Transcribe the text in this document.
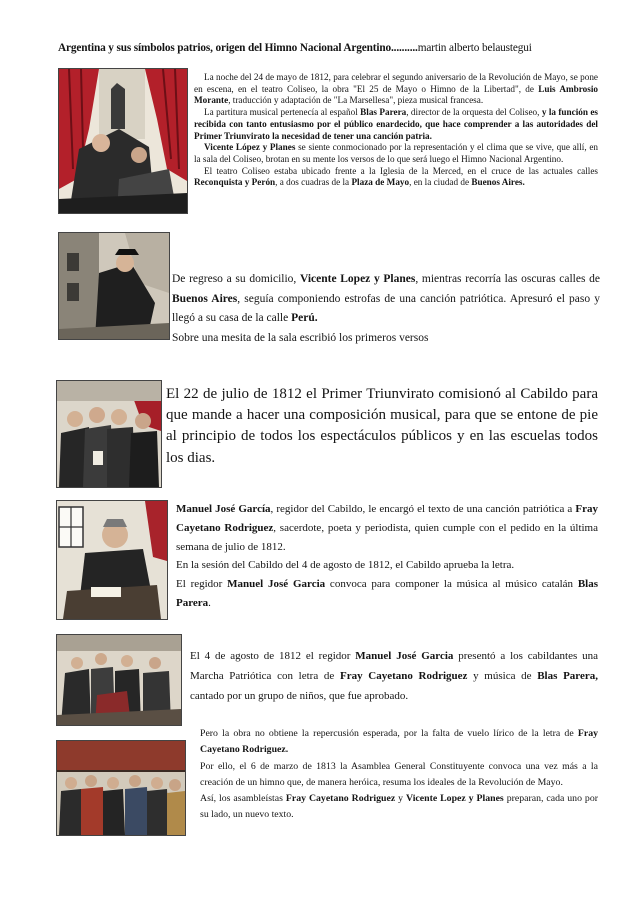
Argentina y sus símbolos patrios, origen del Himno Nacional Argentino..........martin alberto belaustegui

La noche del 24 de mayo de 1812, para celebrar el segundo aniversario de la Revolución de Mayo, se pone en escena, en el teatro Coliseo, la obra "El 25 de Mayo o Himno de la Libertad", de Luis Ambrosio Morante, traducción y adaptación de "La Marsellesa", pieza musical francesa.

La partitura musical pertenecía al español Blas Parera, director de la orquesta del Coliseo, y la función es recibida con tanto entusiasmo por el público enardecido, que hace comprender a las autoridades del Primer Triunvirato la necesidad de tener una canción patria.

Vicente López y Planes se siente conmocionado por la representación y el clima que se vive, que allí, en la sala del Coliseo, brotan en su mente los versos de lo que será luego el Himno Nacional Argentino.

El teatro Coliseo estaba ubicado frente a la Iglesia de la Merced, en el cruce de las actuales calles Reconquista y Perón, a dos cuadras de la Plaza de Mayo, en la ciudad de Buenos Aires.

De regreso a su domicilio, Vicente Lopez y Planes, mientras recorría las oscuras calles de Buenos Aires, seguía componiendo estrofas de una canción patriótica. Apresuró el paso y llegó a su casa de la calle Perú.

Sobre una mesita de la sala escribió los primeros versos

El 22 de julio de 1812 el Primer Triunvirato comisionó al Cabildo para que mande a hacer una composición musical, para que se entone de pie al principio de todos los espectáculos públicos y en las escuelas todos los dias.

Manuel José García, regidor del Cabildo, le encargó el texto de una canción patriótica a Fray Cayetano Rodriguez, sacerdote, poeta y periodista, quien cumple con el pedido en la última semana de julio de 1812.

En la sesión del Cabildo del 4 de agosto de 1812, el Cabildo aprueba la letra.

El regidor Manuel José Garcia convoca para componer la música al músico catalán Blas Parera.

El 4 de agosto de 1812 el regidor Manuel José Garcia presentó a los cabildantes una Marcha Patriótica con letra de Fray Cayetano Rodriguez y música de Blas Parera, cantado por un grupo de niños, que fue aprobado.

Pero la obra no obtiene la repercusión esperada, por la falta de vuelo lírico de la letra de Fray Cayetano Rodriguez.

Por ello, el 6 de marzo de 1813 la Asamblea General Constituyente convoca una vez más a la creación de un himno que, de manera heróica, resuma los ideales de la Revolución de Mayo.

Así, los asambleístas Fray Cayetano Rodriguez y Vicente Lopez y Planes preparan, cada uno por su lado, un nuevo texto.
